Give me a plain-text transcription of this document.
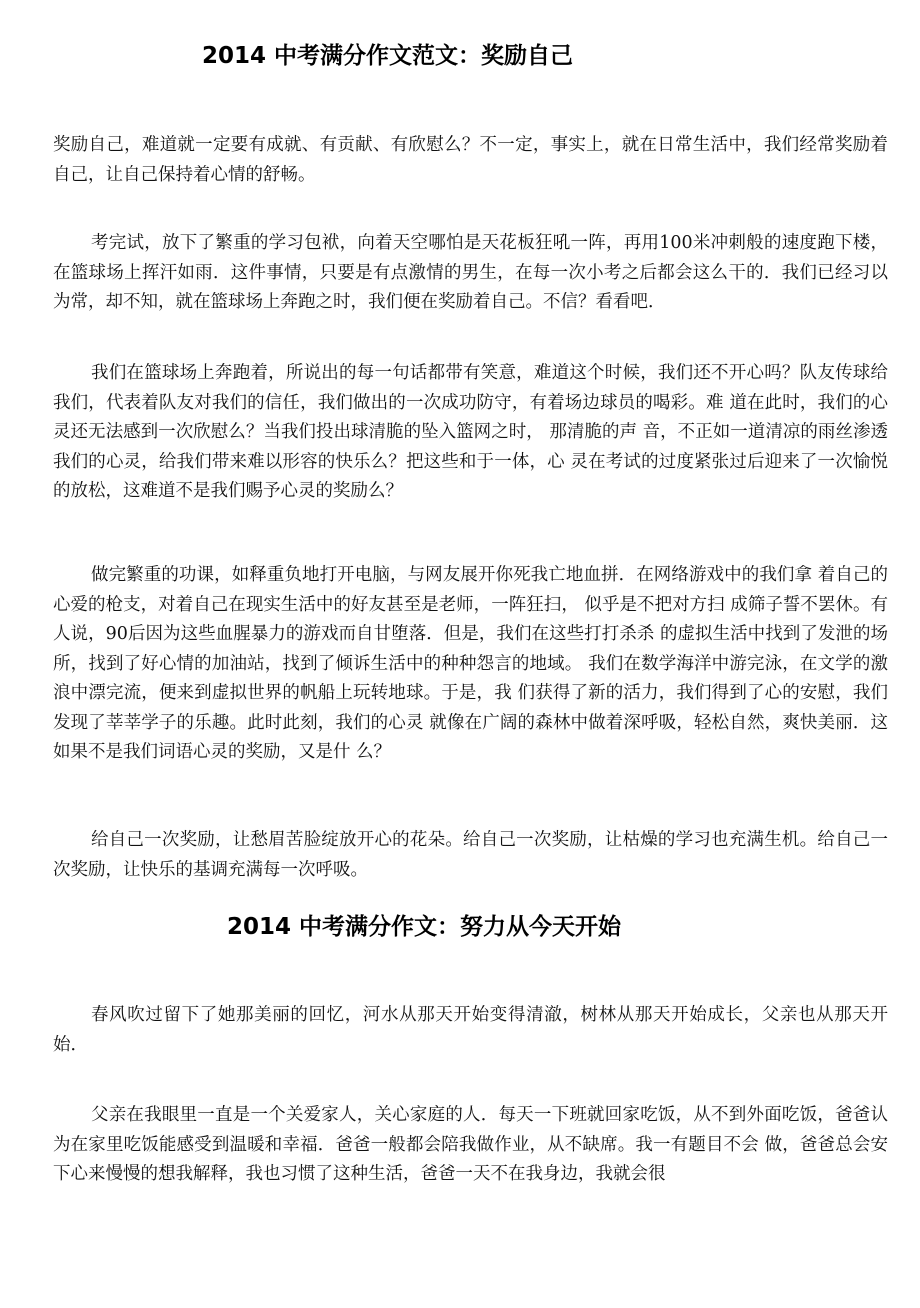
2014 中考满分作文范文：奖励自己

奖励自己，难道就一定要有成就、有贡献、有欣慰么？不一定，事实上，就在日常生活中，我们经常奖励着自己，让自己保持着心情的舒畅。

考完试，放下了繁重的学习包袱，向着天空哪怕是天花板狂吼一阵，再用100米冲刺般的速度跑下楼，在篮球场上挥汗如雨．这件事情，只要是有点激情的男生，在每一次小考之后都会这么干的．我们已经习以为常，却不知，就在篮球场上奔跑之时，我们便在奖励着自己。不信？看看吧．

我们在篮球场上奔跑着，所说出的每一句话都带有笑意，难道这个时候，我们还不开心吗？队友传球给我们，代表着队友对我们的信任，我们做出的一次成功防守，有着场边球员的喝彩。难 道在此时，我们的心灵还无法感到一次欣慰么？当我们投出球清脆的坠入篮网之时， 那清脆的声 音，不正如一道清凉的雨丝渗透我们的心灵，给我们带来难以形容的快乐么？把这些和于一体，心 灵在考试的过度紧张过后迎来了一次愉悦的放松，这难道不是我们赐予心灵的奖励么？

做完繁重的功课，如释重负地打开电脑，与网友展开你死我亡地血拼．在网络游戏中的我们拿 着自己的心爱的枪支，对着自己在现实生活中的好友甚至是老师，一阵狂扫， 似乎是不把对方扫 成筛子誓不罢休。有人说，90后因为这些血腥暴力的游戏而自甘堕落．但是，我们在这些打打杀杀 的虚拟生活中找到了发泄的场所，找到了好心情的加油站，找到了倾诉生活中的种种怨言的地域。 我们在数学海洋中游完泳，在文学的激浪中漂完流，便来到虚拟世界的帆船上玩转地球。于是，我 们获得了新的活力，我们得到了心的安慰，我们发现了莘莘学子的乐趣。此时此刻，我们的心灵 就像在广阔的森林中做着深呼吸，轻松自然，爽快美丽．这如果不是我们词语心灵的奖励，又是什 么？

给自己一次奖励，让愁眉苦脸绽放开心的花朵。给自己一次奖励，让枯燥的学习也充满生机。给自己一次奖励，让快乐的基调充满每一次呼吸。

2014 中考满分作文：努力从今天开始

春风吹过留下了她那美丽的回忆，河水从那天开始变得清澈，树林从那天开始成长，父亲也从那天开始．

父亲在我眼里一直是一个关爱家人，关心家庭的人．每天一下班就回家吃饭，从不到外面吃饭，爸爸认为在家里吃饭能感受到温暖和幸福．爸爸一般都会陪我做作业，从不缺席。我一有题目不会 做，爸爸总会安下心来慢慢的想我解释，我也习惯了这种生活，爸爸一天不在我身边，我就会很
